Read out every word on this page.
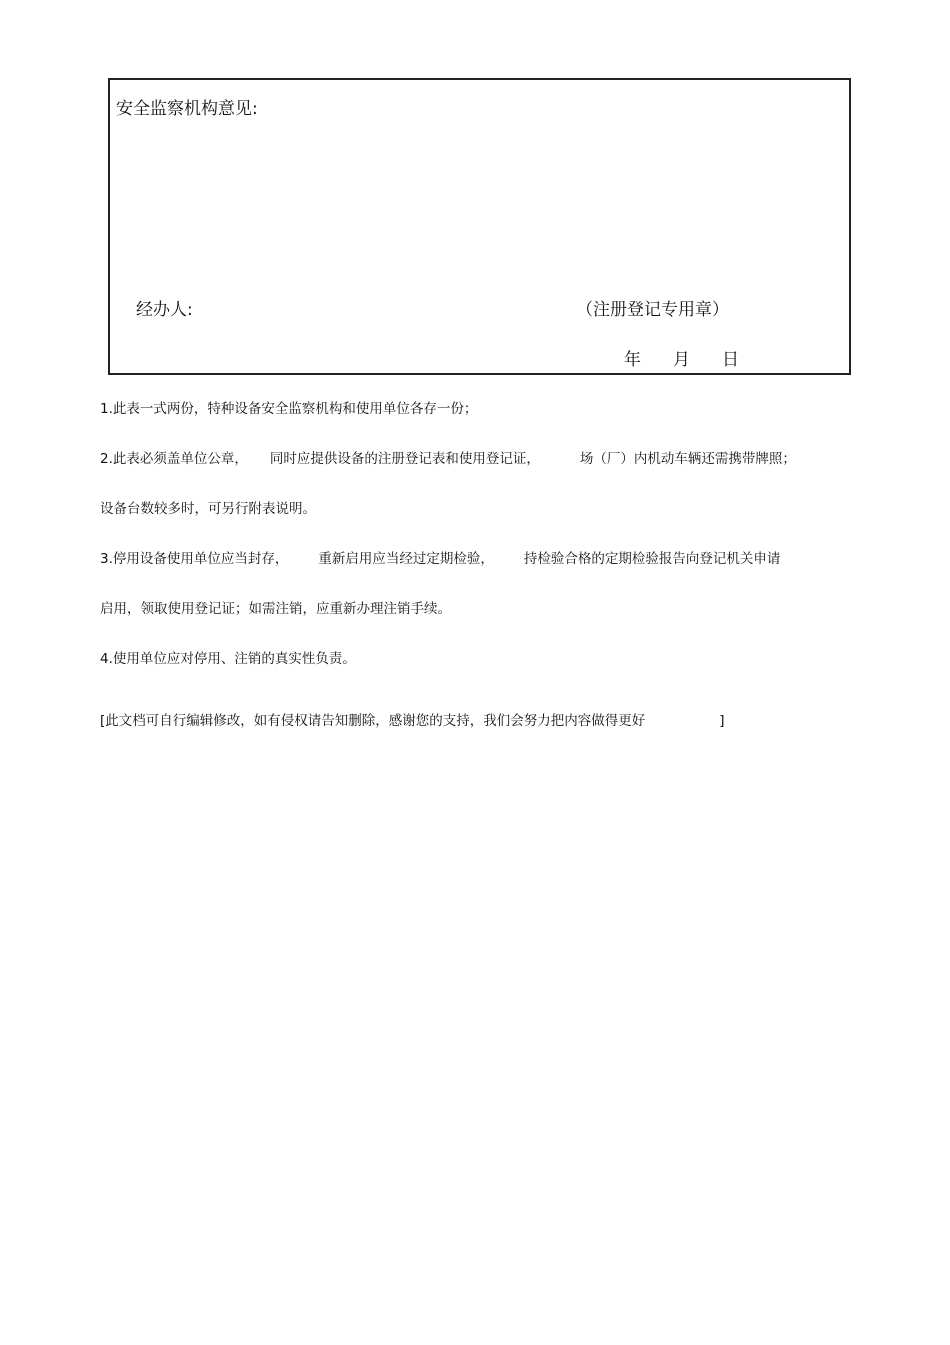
安全监察机构意见:
经办人:	（注册登记专用章）
年 月 日
1.此表一式两份，特种设备安全监察机构和使用单位各存一份；
2.此表必须盖单位公章， 同时应提供设备的注册登记表和使用登记证，	场（厂）内机动车辆还需携带牌照；
设备台数较多时，可另行附表说明。
3.停用设备使用单位应当封存， 重新启用应当经过定期检验， 持检验合格的定期检验报告向登记机关申请
启用，领取使用登记证；如需注销，应重新办理注销手续。
4.使用单位应对停用、注销的真实性负责。
[此文档可自行编辑修改，如有侵权请告知删除，感谢您的支持，我们会努力把内容做得更好	]
